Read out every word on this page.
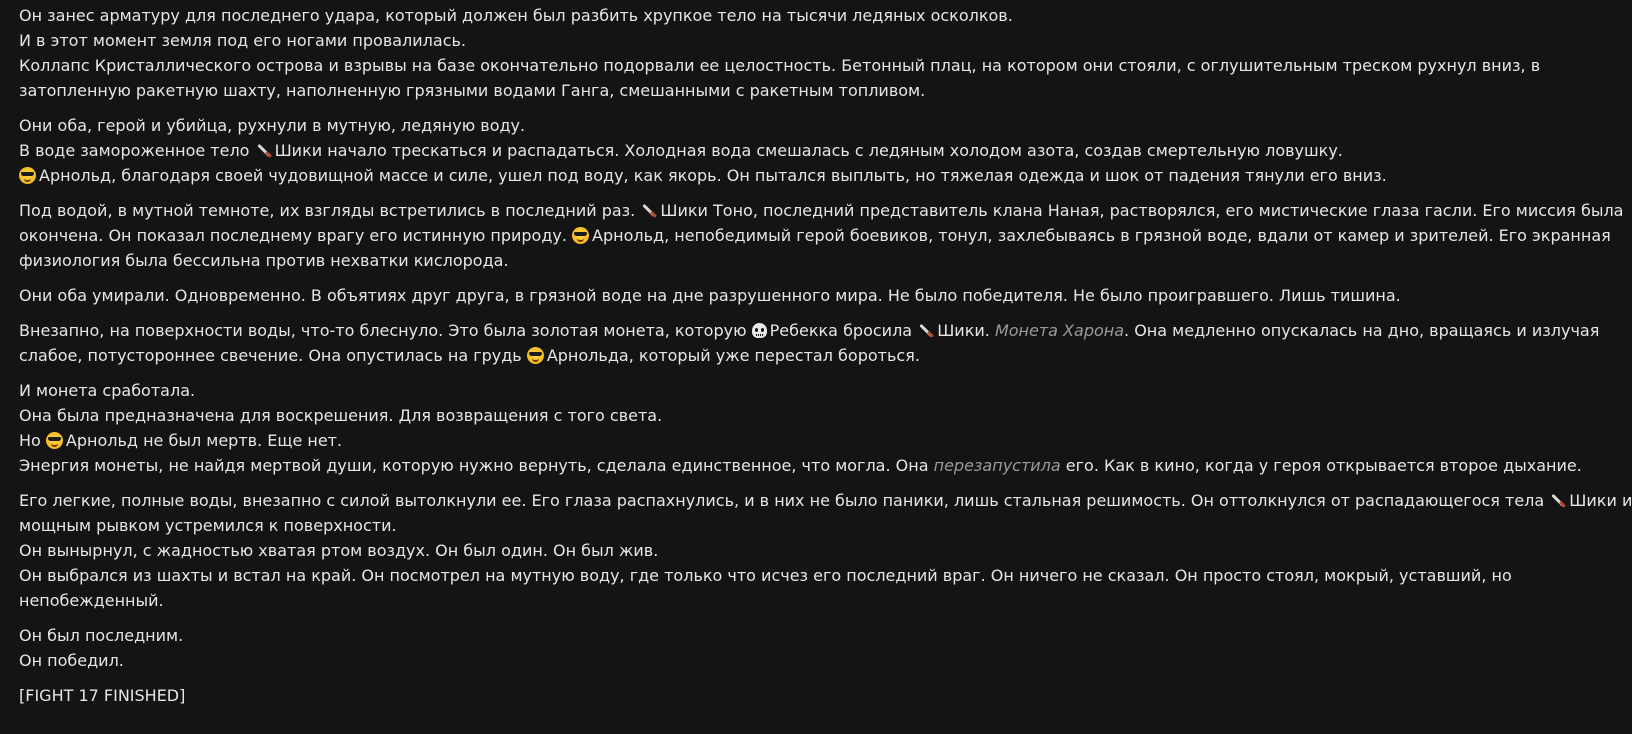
Он занес арматуру для последнего удара, который должен был разбить хрупкое тело на тысячи ледяных осколков.
И в этот момент земля под его ногами провалилась.
Коллапс Кристаллического острова и взрывы на базе окончательно подорвали ее целостность. Бетонный плац, на котором они стояли, с оглушительным треском рухнул вниз, в
затопленную ракетную шахту, наполненную грязными водами Ганга, смешанными с ракетным топливом.
Они оба, герой и убийца, рухнули в мутную, ледяную воду.
В воде замороженное тело Шики начало трескаться и распадаться. Холодная вода смешалась с ледяным холодом азота, создав смертельную ловушку.
Арнольд, благодаря своей чудовищной массе и силе, ушел под воду, как якорь. Он пытался выплыть, но тяжелая одежда и шок от падения тянули его вниз.
Под водой, в мутной темноте, их взгляды встретились в последний раз. Шики Тоно, последний представитель клана Наная, растворялся, его мистические глаза гасли. Его миссия была
окончена. Он показал последнему врагу его истинную природу. Арнольд, непобедимый герой боевиков, тонул, захлебываясь в грязной воде, вдали от камер и зрителей. Его экранная
физиология была бессильна против нехватки кислорода.
Они оба умирали. Одновременно. В объятиях друг друга, в грязной воде на дне разрушенного мира. Не было победителя. Не было проигравшего. Лишь тишина.
Внезапно, на поверхности воды, что-то блеснуло. Это была золотая монета, которую Ребекка бросила Шики. Монета Харона. Она медленно опускалась на дно, вращаясь и излучая
слабое, потустороннее свечение. Она опустилась на грудь Арнольда, который уже перестал бороться.
И монета сработала.
Она была предназначена для воскрешения. Для возвращения с того света.
Но Арнольд не был мертв. Еще нет.
Энергия монеты, не найдя мертвой души, которую нужно вернуть, сделала единственное, что могла. Она перезапустила его. Как в кино, когда у героя открывается второе дыхание.
Его легкие, полные воды, внезапно с силой вытолкнули ее. Его глаза распахнулись, и в них не было паники, лишь стальная решимость. Он оттолкнулся от распадающегося тела Шики и
мощным рывком устремился к поверхности.
Он вынырнул, с жадностью хватая ртом воздух. Он был один. Он был жив.
Он выбрался из шахты и встал на край. Он посмотрел на мутную воду, где только что исчез его последний враг. Он ничего не сказал. Он просто стоял, мокрый, уставший, но
непобежденный.
Он был последним.
Он победил.
[FIGHT 17 FINISHED]
